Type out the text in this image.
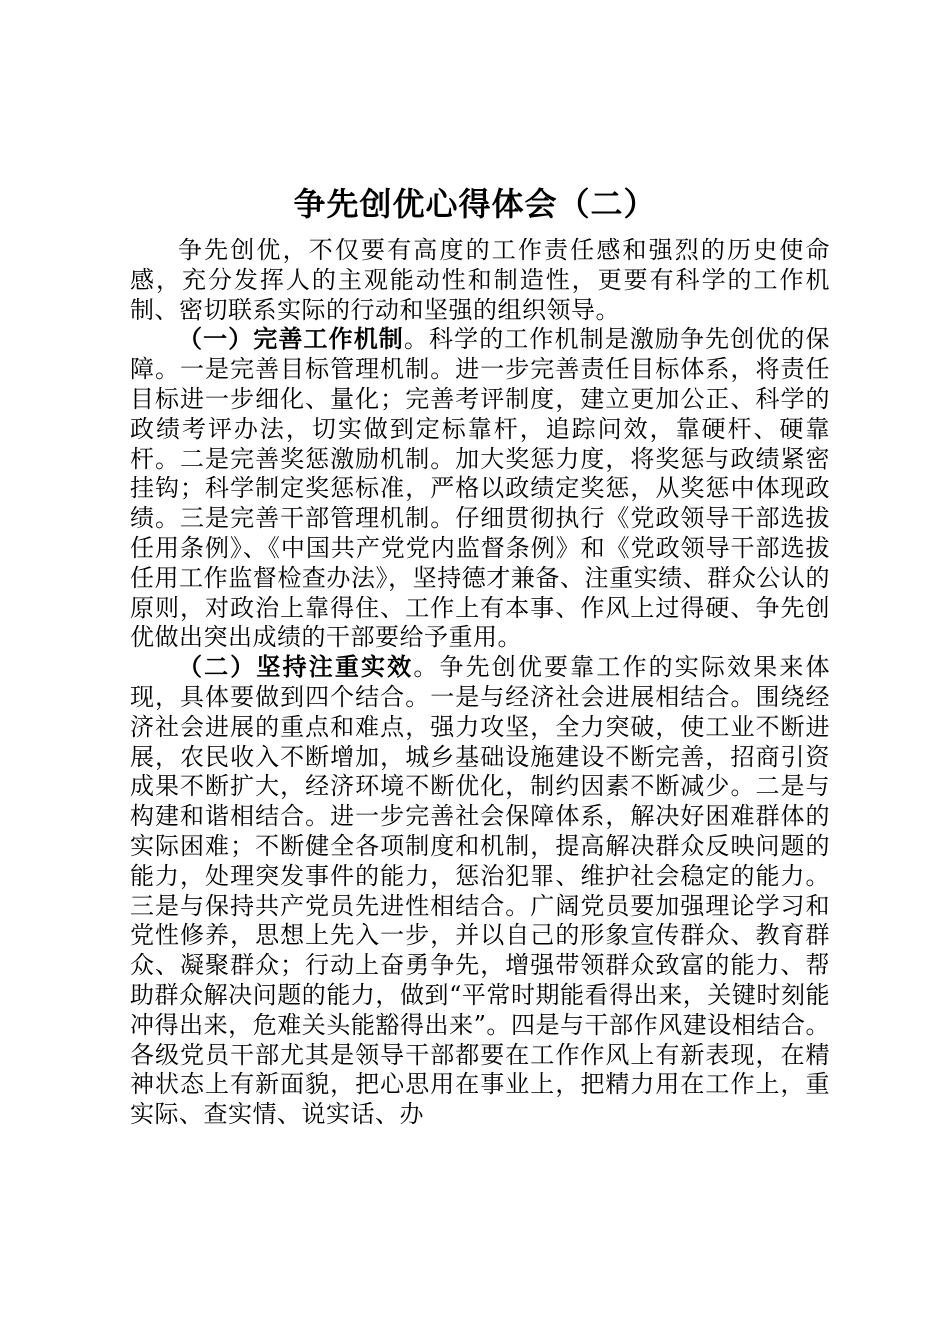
争先创优心得体会（二）

争先创优，不仅要有高度的工作责任感和强烈的历史使命感，充分发挥人的主观能动性和制造性，更要有科学的工作机制、密切联系实际的行动和坚强的组织领导。

（一）完善工作机制。科学的工作机制是激励争先创优的保障。一是完善目标管理机制。进一步完善责任目标体系，将责任目标进一步细化、量化；完善考评制度，建立更加公正、科学的政绩考评办法，切实做到定标靠杆，追踪问效，靠硬杆、硬靠杆。二是完善奖惩激励机制。加大奖惩力度，将奖惩与政绩紧密挂钩；科学制定奖惩标准，严格以政绩定奖惩，从奖惩中体现政绩。三是完善干部管理机制。仔细贯彻执行《党政领导干部选拔任用条例》、《中国共产党党内监督条例》和《党政领导干部选拔任用工作监督检查办法》，坚持德才兼备、注重实绩、群众公认的原则，对政治上靠得住、工作上有本事、作风上过得硬、争先创优做出突出成绩的干部要给予重用。

（二）坚持注重实效。争先创优要靠工作的实际效果来体现，具体要做到四个结合。一是与经济社会进展相结合。围绕经济社会进展的重点和难点，强力攻坚，全力突破，使工业不断进展，农民收入不断增加，城乡基础设施建设不断完善，招商引资成果不断扩大，经济环境不断优化，制约因素不断减少。二是与构建和谐相结合。进一步完善社会保障体系，解决好困难群体的实际困难；不断健全各项制度和机制，提高解决群众反映问题的能力，处理突发事件的能力，惩治犯罪、维护社会稳定的能力。三是与保持共产党员先进性相结合。广阔党员要加强理论学习和党性修养，思想上先入一步，并以自己的形象宣传群众、教育群众、凝聚群众；行动上奋勇争先，增强带领群众致富的能力、帮助群众解决问题的能力，做到“平常时期能看得出来，关键时刻能冲得出来，危难关头能豁得出来”。四是与干部作风建设相结合。各级党员干部尤其是领导干部都要在工作作风上有新表现，在精神状态上有新面貌，把心思用在事业上，把精力用在工作上，重实际、查实情、说实话、办
